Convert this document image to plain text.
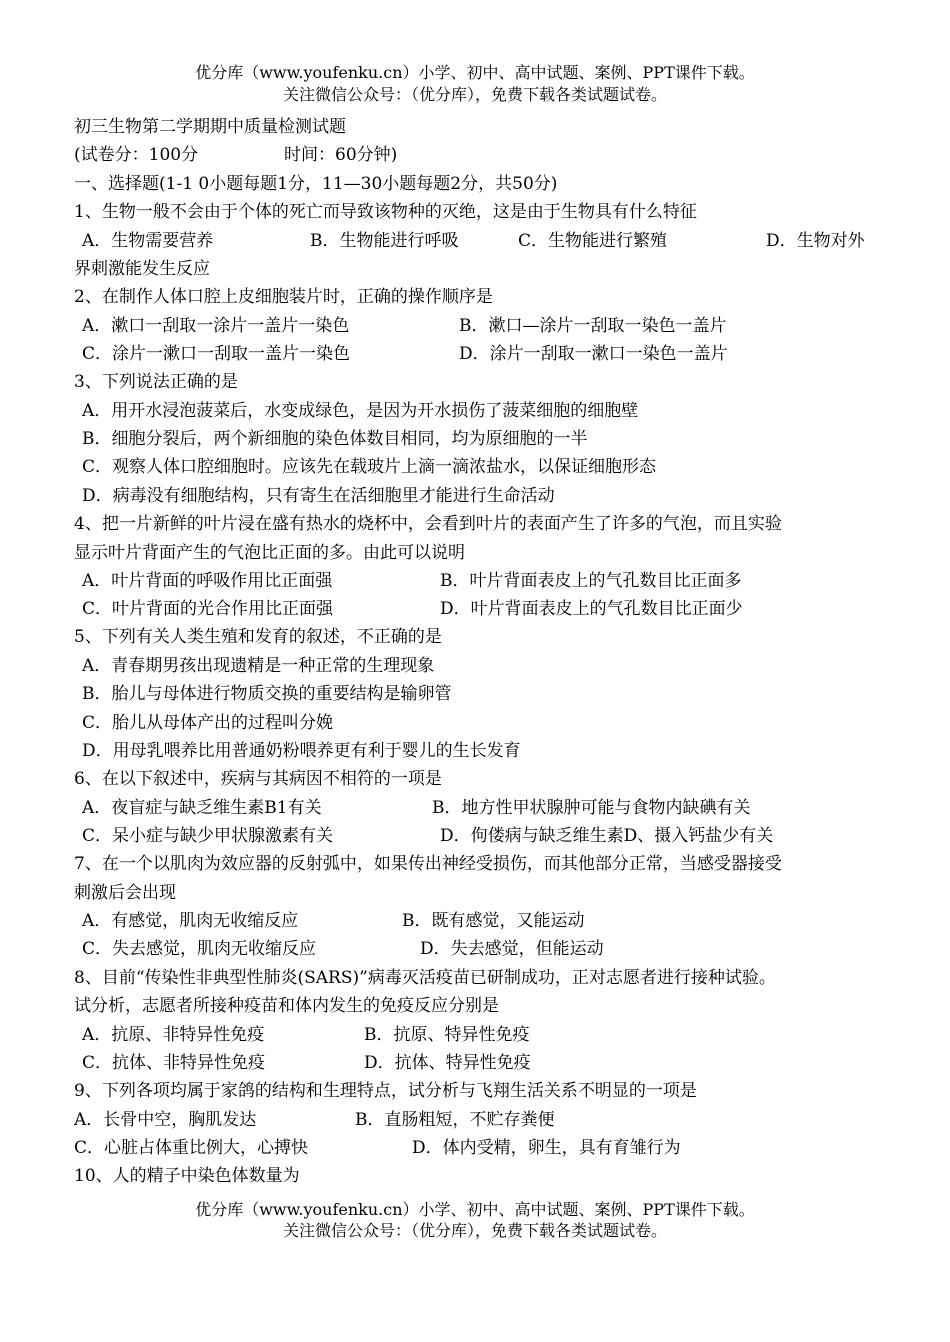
优分库（www.youfenku.cn）小学、初中、高中试题、案例、PPT课件下载。
关注微信公众号：（优分库），免费下载各类试题试卷。
初三生物第二学期期中质量检测试题
(试卷分：100分	时间：60分钟)
一、选择题(1-1 0小题每题1分，11—30小题每题2分，共50分)
1、生物一般不会由于个体的死亡而导致该物种的灭绝，这是由于生物具有什么特征
A．生物需要营养	B．生物能进行呼吸	C．生物能进行繁殖	D．生物对外
界刺激能发生反应
2、在制作人体口腔上皮细胞装片时，正确的操作顺序是
A．漱口一刮取一涂片一盖片一染色	B．漱口—涂片一刮取一染色一盖片
C．涂片一漱口一刮取一盖片一染色	D．涂片一刮取一漱口一染色一盖片
3、下列说法正确的是
A．用开水浸泡菠菜后，水变成绿色，是因为开水损伤了菠菜细胞的细胞壁
B．细胞分裂后，两个新细胞的染色体数目相同，均为原细胞的一半
C．观察人体口腔细胞时。应该先在载玻片上滴一滴浓盐水，以保证细胞形态
D．病毒没有细胞结构，只有寄生在活细胞里才能进行生命活动
4、把一片新鲜的叶片浸在盛有热水的烧杯中，会看到叶片的表面产生了许多的气泡，而且实验
显示叶片背面产生的气泡比正面的多。由此可以说明
A．叶片背面的呼吸作用比正面强	B．叶片背面表皮上的气孔数目比正面多
C．叶片背面的光合作用比正面强	D．叶片背面表皮上的气孔数目比正面少
5、下列有关人类生殖和发育的叙述，不正确的是
A．青春期男孩出现遗精是一种正常的生理现象
B．胎儿与母体进行物质交换的重要结构是输卵管
C．胎儿从母体产出的过程叫分娩
D．用母乳喂养比用普通奶粉喂养更有利于婴儿的生长发育
6、在以下叙述中，疾病与其病因不相符的一项是
A．夜盲症与缺乏维生素B1有关	B．地方性甲状腺肿可能与食物内缺碘有关
C．呆小症与缺少甲状腺激素有关	D．佝偻病与缺乏维生素D、摄入钙盐少有关
7、在一个以肌肉为效应器的反射弧中，如果传出神经受损伤，而其他部分正常，当感受器接受
刺激后会出现
A．有感觉，肌肉无收缩反应	B．既有感觉，又能运动
C．失去感觉，肌肉无收缩反应	D．失去感觉，但能运动
8、目前“传染性非典型性肺炎(SARS)”病毒灭活疫苗已研制成功，正对志愿者进行接种试验。
试分析，志愿者所接种疫苗和体内发生的免疫反应分别是
A．抗原、非特异性免疫	B．抗原、特异性免疫
C．抗体、非特异性免疫	D．抗体、特异性免疫
9、下列各项均属于家鸽的结构和生理特点，试分析与飞翔生活关系不明显的一项是
A．长骨中空，胸肌发达	B．直肠粗短，不贮存粪便
C．心脏占体重比例大，心搏快	D．体内受精，卵生，具有育雏行为
10、人的精子中染色体数量为
优分库（www.youfenku.cn）小学、初中、高中试题、案例、PPT课件下载。
关注微信公众号：（优分库），免费下载各类试题试卷。
